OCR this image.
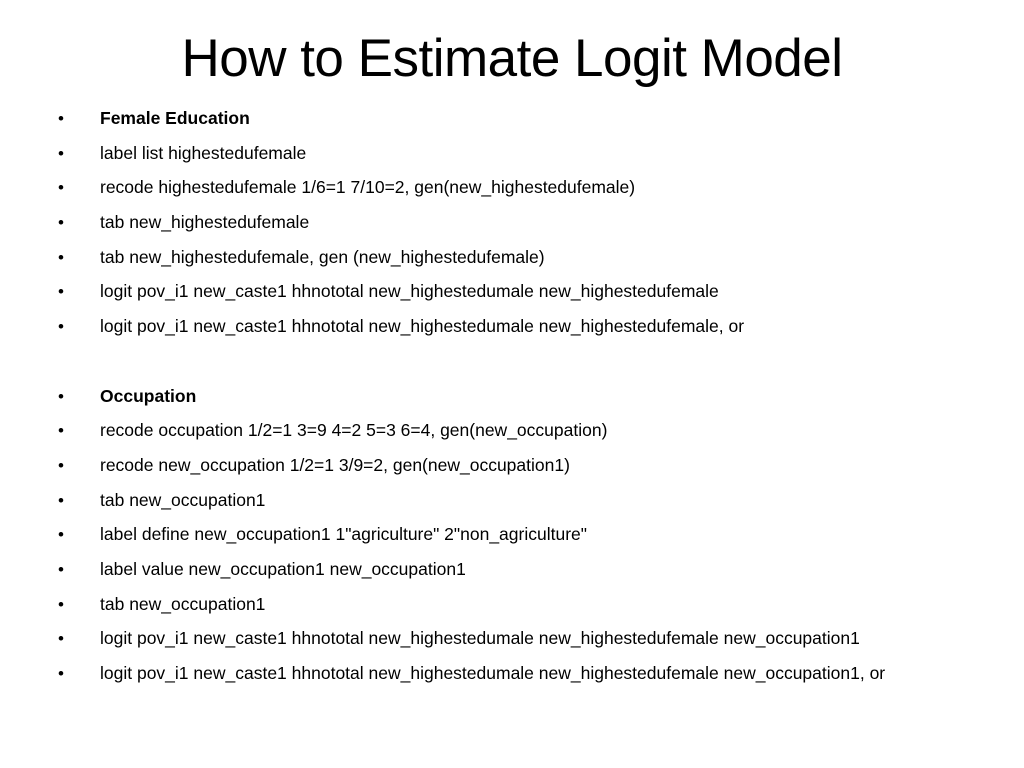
How to Estimate Logit Model
•	Female Education
•	label list highestedufemale
•	recode highestedufemale 1/6=1 7/10=2, gen(new_highestedufemale)
•	tab new_highestedufemale
•	tab new_highestedufemale, gen (new_highestedufemale)
•	logit pov_i1 new_caste1 hhnototal new_highestedumale new_highestedufemale
•	logit pov_i1 new_caste1 hhnototal new_highestedumale new_highestedufemale, or
•	Occupation
•	recode occupation 1/2=1 3=9 4=2 5=3 6=4, gen(new_occupation)
•	recode new_occupation 1/2=1 3/9=2, gen(new_occupation1)
•	tab new_occupation1
•	label define new_occupation1 1"agriculture" 2"non_agriculture"
•	label value new_occupation1 new_occupation1
•	tab new_occupation1
•	logit pov_i1 new_caste1 hhnototal new_highestedumale new_highestedufemale new_occupation1
•	logit pov_i1 new_caste1 hhnototal new_highestedumale new_highestedufemale new_occupation1, or
